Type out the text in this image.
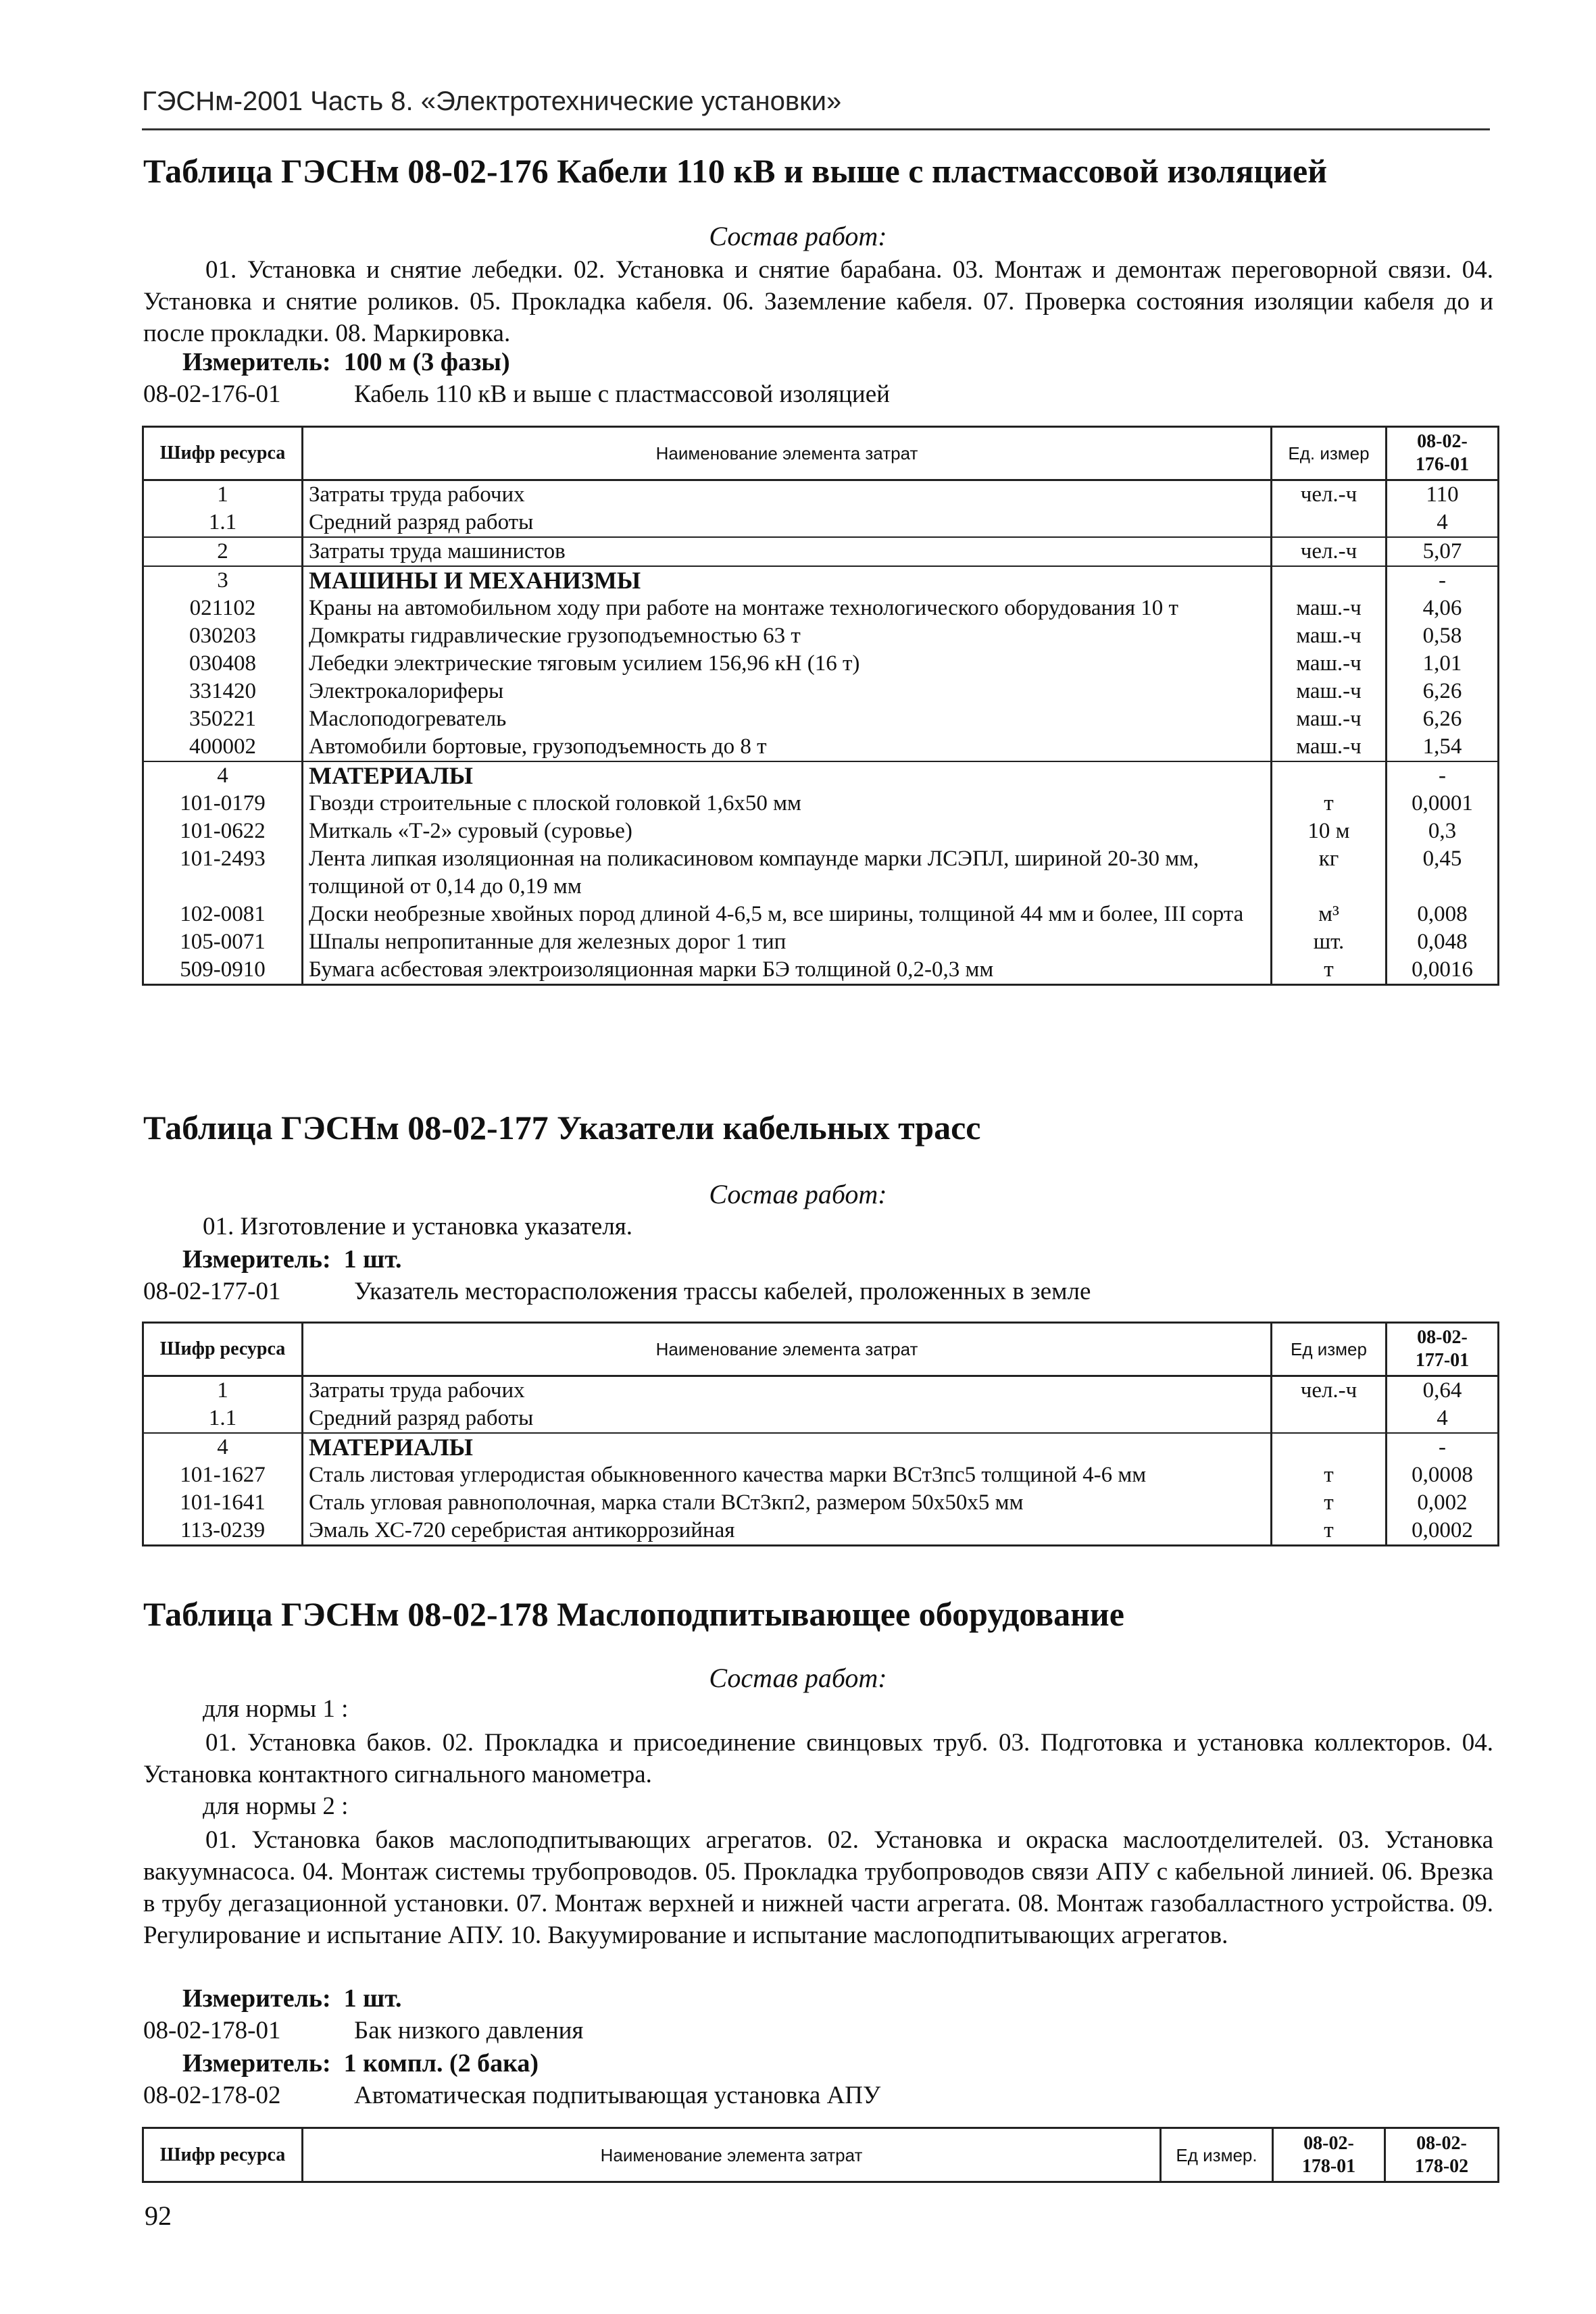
ГЭСНм-2001 Часть 8. «Электротехнические установки»
Таблица ГЭСНм 08-02-176 Кабели 110 кВ и выше с пластмассовой изоляцией
Состав работ:
01. Установка и снятие лебедки. 02. Установка и снятие барабана. 03. Монтаж и демонтаж переговорной связи. 04. Установка и снятие роликов. 05. Прокладка кабеля. 06. Заземление кабеля. 07. Проверка состояния изоляции кабеля до и после прокладки. 08. Маркировка.
Измеритель: 100 м (3 фазы)
08-02-176-01	Кабель 110 кВ и выше с пластмассовой изоляцией
Шифр ресурса	Наименование элемента затрат	Ед. измер	08-02-
176-01
1	Затраты труда рабочих	чел.-ч	110
1.1	Средний разряд работы		4
2	Затраты труда машинистов	чел.-ч	5,07
3	МАШИНЫ И МЕХАНИЗМЫ		-
021102	Краны на автомобильном ходу при работе на монтаже технологического оборудования 10 т	маш.-ч	4,06
030203	Домкраты гидравлические грузоподъемностью 63 т	маш.-ч	0,58
030408	Лебедки электрические тяговым усилием 156,96 кН (16 т)	маш.-ч	1,01
331420	Электрокалориферы	маш.-ч	6,26
350221	Маслоподогреватель	маш.-ч	6,26
400002	Автомобили бортовые, грузоподъемность до 8 т	маш.-ч	1,54
4	МАТЕРИАЛЫ		-
101-0179	Гвозди строительные с плоской головкой 1,6х50 мм	т	0,0001
101-0622	Миткаль «Т-2» суровый (суровье)	10 м	0,3
101-2493	Лента липкая изоляционная на поликасиновом компаунде марки ЛСЭПЛ, шириной 20-30 мм, толщиной от 0,14 до 0,19 мм	кг	0,45
102-0081	Доски необрезные хвойных пород длиной 4-6,5 м, все ширины, толщиной 44 мм и более, III сорта	м³	0,008
105-0071	Шпалы непропитанные для железных дорог 1 тип	шт.	0,048
509-0910	Бумага асбестовая электроизоляционная марки БЭ толщиной 0,2-0,3 мм	т	0,0016
Таблица ГЭСНм 08-02-177 Указатели кабельных трасс
Состав работ:
01. Изготовление и установка указателя.
Измеритель: 1 шт.
08-02-177-01	Указатель месторасположения трассы кабелей, проложенных в земле
Шифр ресурса	Наименование элемента затрат	Ед измер	08-02-
177-01
1	Затраты труда рабочих	чел.-ч	0,64
1.1	Средний разряд работы		4
4	МАТЕРИАЛЫ		-
101-1627	Сталь листовая углеродистая обыкновенного качества марки ВСт3пс5 толщиной 4-6 мм	т	0,0008
101-1641	Сталь угловая равнополочная, марка стали ВСт3кп2, размером 50х50х5 мм	т	0,002
113-0239	Эмаль ХС-720 серебристая антикоррозийная	т	0,0002
Таблица ГЭСНм 08-02-178 Маслоподпитывающее оборудование
Состав работ:
для нормы 1 :
01. Установка баков. 02. Прокладка и присоединение свинцовых труб. 03. Подготовка и установка коллекторов. 04. Установка контактного сигнального манометра.
для нормы 2 :
01. Установка баков маслоподпитывающих агрегатов. 02. Установка и окраска маслоотделителей. 03. Установка вакуумнасоса. 04. Монтаж системы трубопроводов. 05. Прокладка трубопроводов связи АПУ с кабельной линией. 06. Врезка в трубу дегазационной установки. 07. Монтаж верхней и нижней части агрегата. 08. Монтаж газобалластного устройства. 09. Регулирование и испытание АПУ. 10. Вакуумирование и испытание маслоподпитывающих агрегатов.
Измеритель: 1 шт.
08-02-178-01	Бак низкого давления
Измеритель: 1 компл. (2 бака)
08-02-178-02	Автоматическая подпитывающая установка АПУ
Шифр ресурса	Наименование элемента затрат	Ед измер.	08-02-
178-01	08-02-
178-02
92
